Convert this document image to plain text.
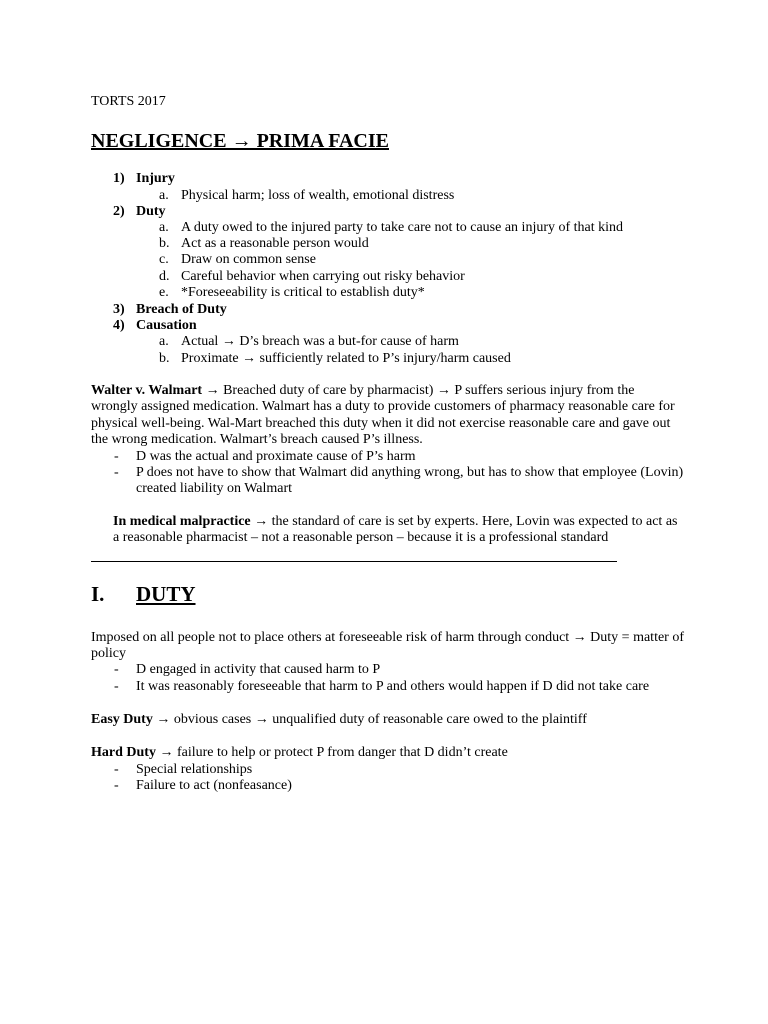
TORTS 2017
NEGLIGENCE → PRIMA FACIE
1) Injury
a. Physical harm; loss of wealth, emotional distress
2) Duty
a. A duty owed to the injured party to take care not to cause an injury of that kind
b. Act as a reasonable person would
c. Draw on common sense
d. Careful behavior when carrying out risky behavior
e. *Foreseeability is critical to establish duty*
3) Breach of Duty
4) Causation
a. Actual → D’s breach was a but-for cause of harm
b. Proximate → sufficiently related to P’s injury/harm caused
Walter v. Walmart → Breached duty of care by pharmacist) → P suffers serious injury from the
wrongly assigned medication. Walmart has a duty to provide customers of pharmacy reasonable care for
physical well-being. Wal-Mart breached this duty when it did not exercise reasonable care and gave out
the wrong medication. Walmart’s breach caused P’s illness.
- D was the actual and proximate cause of P’s harm
- P does not have to show that Walmart did anything wrong, but has to show that employee (Lovin)
created liability on Walmart
In medical malpractice → the standard of care is set by experts. Here, Lovin was expected to act as
a reasonable pharmacist – not a reasonable person – because it is a professional standard
I. DUTY
Imposed on all people not to place others at foreseeable risk of harm through conduct → Duty = matter of
policy
- D engaged in activity that caused harm to P
- It was reasonably foreseeable that harm to P and others would happen if D did not take care
Easy Duty → obvious cases → unqualified duty of reasonable care owed to the plaintiff
Hard Duty → failure to help or protect P from danger that D didn’t create
- Special relationships
- Failure to act (nonfeasance)
